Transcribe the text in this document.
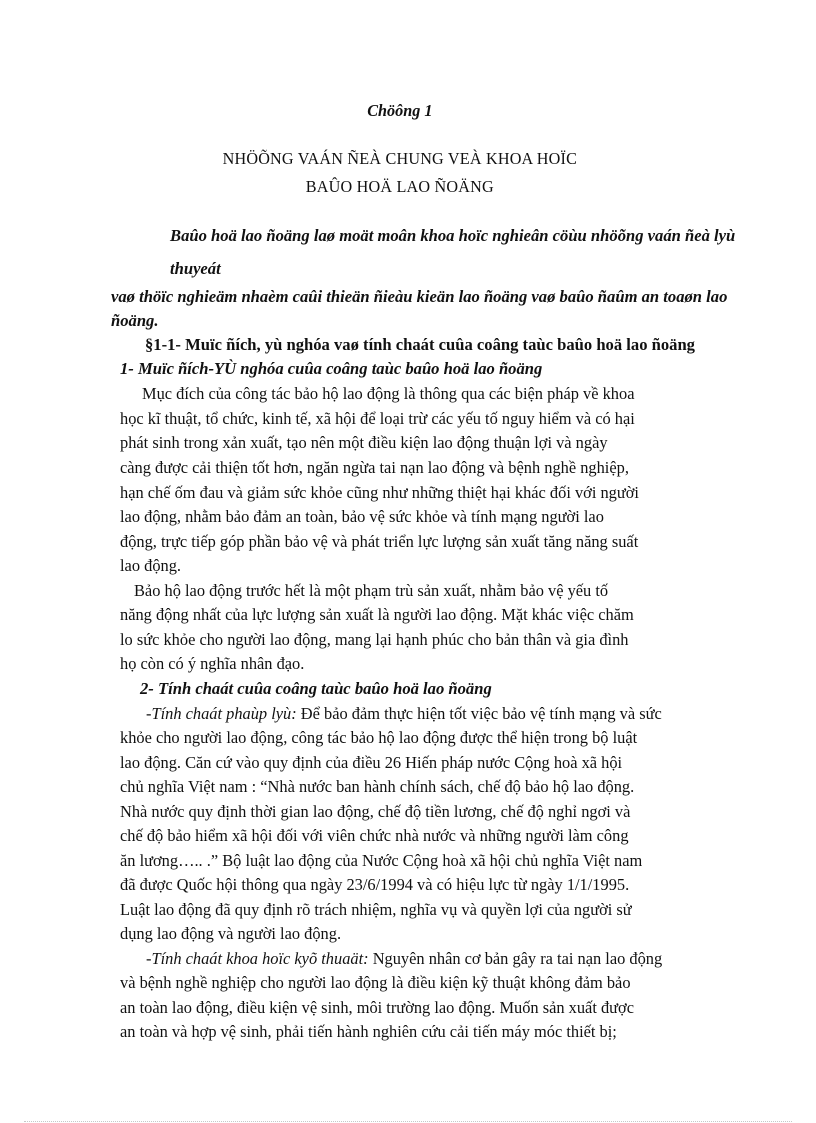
Chöông 1
NHÖÕNG VAÁN ÑEÀ CHUNG VEÀ KHOA HOÏC
BAÛO HOÄ LAO ÑOÄNG
Baûo hoä lao ñoäng laø moät moân khoa hoïc nghieân cöùu nhöõng vaán ñeà lyù
thuyeát
vaø thöïc nghieäm nhaèm caûi thieän ñieàu kieän lao ñoäng vaø baûo ñaûm an toaøn lao
ñoäng.
§1-1- Muïc ñích, yù nghóa vaø tính chaát cuûa coâng taùc baûo hoä lao ñoäng
1- Muïc ñích-YÙ nghóa cuûa coâng taùc baûo hoä lao ñoäng
Mục đích của công tác bảo hộ lao động là thông qua các biện pháp về khoa
học kĩ thuật, tổ chức, kinh tế, xã hội để loại trừ các yếu tố nguy hiểm và có hại
phát sinh trong xản xuất, tạo nên một điều kiện lao động thuận lợi và ngày
càng được cải thiện tốt hơn, ngăn ngừa tai nạn lao động và bệnh nghề nghiệp,
hạn chế ốm đau và giảm sức khỏe cũng như những thiệt hại khác đối với người
lao động, nhằm bảo đảm an toàn, bảo vệ sức khỏe và tính mạng người lao
động, trực tiếp góp phần bảo vệ và phát triển lực lượng sản xuất tăng năng suất
lao động.
Bảo hộ lao động trước hết là một phạm trù sản xuất, nhằm bảo vệ yếu tố
năng động nhất của lực lượng sản xuất là người lao động. Mặt khác việc chăm
lo sức khỏe cho người lao động, mang lại hạnh phúc cho bản thân và gia đình
họ còn có ý nghĩa nhân đạo.
2- Tính chaát cuûa coâng taùc baûo hoä lao ñoäng
-Tính chaát phaùp lyù: Để bảo đảm thực hiện tốt việc bảo vệ tính mạng và sức
khỏe cho người lao động, công tác bảo hộ lao động được thể hiện trong bộ luật
lao động. Căn cứ vào quy định của điều 26 Hiến pháp nước Cộng hoà xã hội
chủ nghĩa Việt nam : “Nhà nước ban hành chính sách, chế độ bảo hộ lao động.
Nhà nước quy định thời gian lao động, chế độ tiền lương, chế độ nghỉ ngơi và
chế độ bảo hiểm xã hội đối với viên chức nhà nước và những người làm công
ăn lương….. .” Bộ luật lao động của Nước Cộng hoà xã hội chủ nghĩa Việt nam
đã được Quốc hội thông qua ngày 23/6/1994 và có hiệu lực từ ngày 1/1/1995.
Luật lao động đã quy định rõ trách nhiệm, nghĩa vụ và quyền lợi của người sử
dụng lao động và người lao động.
-Tính chaát khoa hoïc kyõ thuaät: Nguyên nhân cơ bản gây ra tai nạn lao động
và bệnh nghề nghiệp cho người lao động là điều kiện kỹ thuật không đảm bảo
an toàn lao động, điều kiện vệ sinh, môi trường lao động. Muốn sản xuất được
an toàn và hợp vệ sinh, phải tiến hành nghiên cứu cải tiến máy móc thiết bị;
